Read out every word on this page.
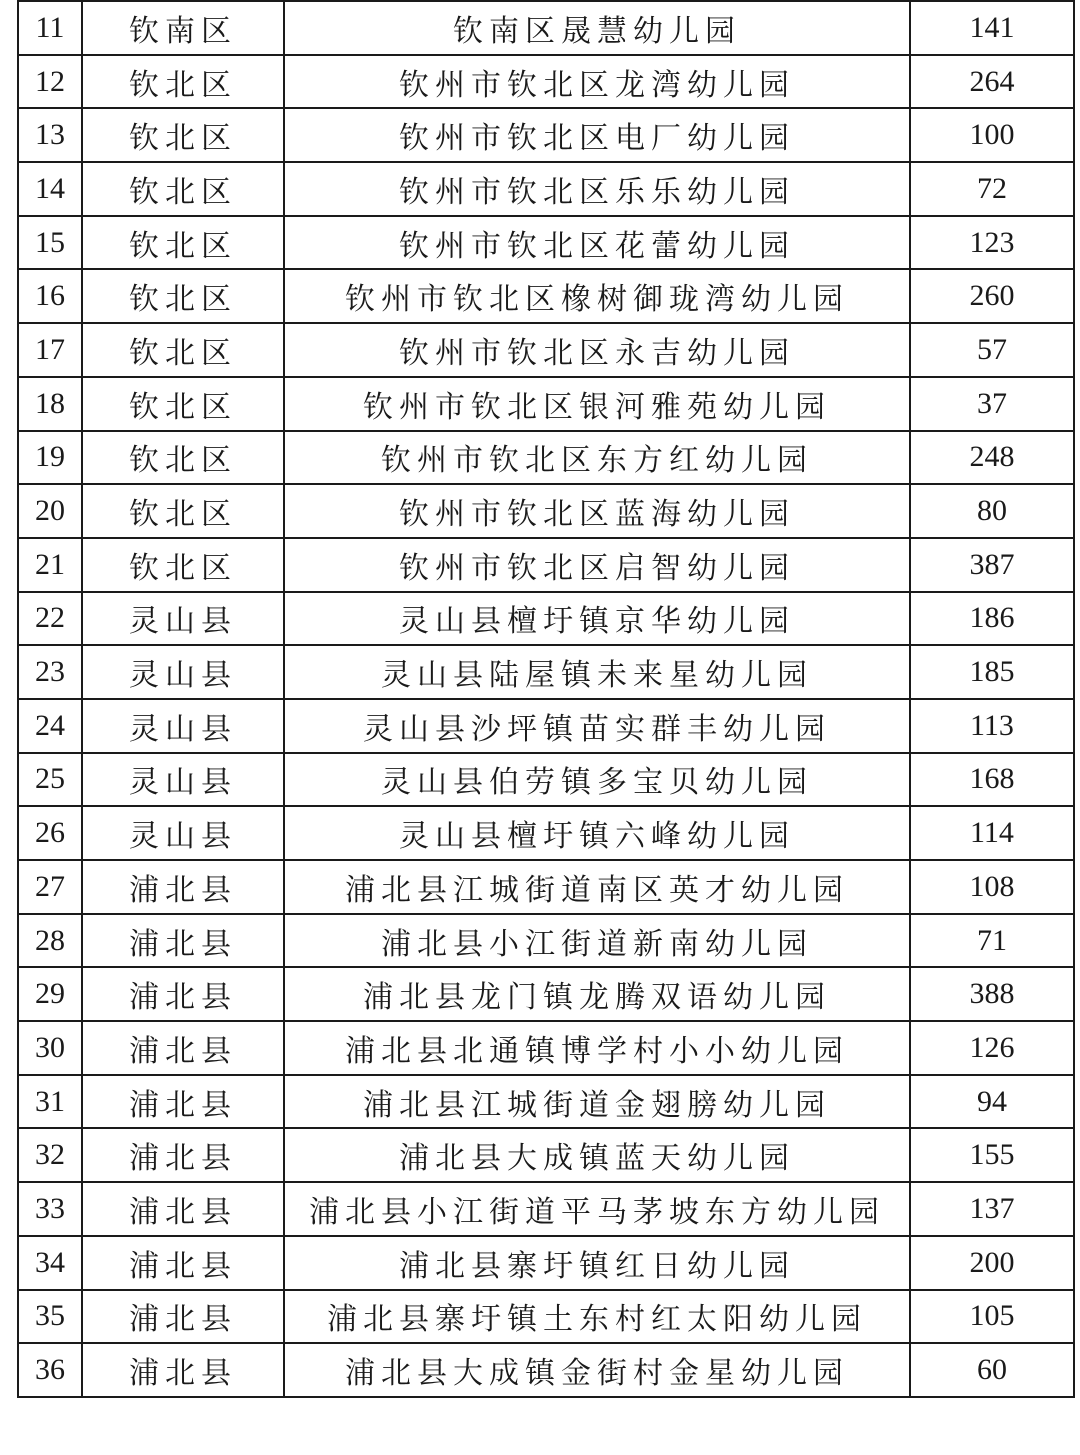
11	钦南区	钦南区晟慧幼儿园	141
12	钦北区	钦州市钦北区龙湾幼儿园	264
13	钦北区	钦州市钦北区电厂幼儿园	100
14	钦北区	钦州市钦北区乐乐幼儿园	72
15	钦北区	钦州市钦北区花蕾幼儿园	123
16	钦北区	钦州市钦北区橡树御珑湾幼儿园	260
17	钦北区	钦州市钦北区永吉幼儿园	57
18	钦北区	钦州市钦北区银河雅苑幼儿园	37
19	钦北区	钦州市钦北区东方红幼儿园	248
20	钦北区	钦州市钦北区蓝海幼儿园	80
21	钦北区	钦州市钦北区启智幼儿园	387
22	灵山县	灵山县檀圩镇京华幼儿园	186
23	灵山县	灵山县陆屋镇未来星幼儿园	185
24	灵山县	灵山县沙坪镇苗实群丰幼儿园	113
25	灵山县	灵山县伯劳镇多宝贝幼儿园	168
26	灵山县	灵山县檀圩镇六峰幼儿园	114
27	浦北县	浦北县江城街道南区英才幼儿园	108
28	浦北县	浦北县小江街道新南幼儿园	71
29	浦北县	浦北县龙门镇龙腾双语幼儿园	388
30	浦北县	浦北县北通镇博学村小小幼儿园	126
31	浦北县	浦北县江城街道金翅膀幼儿园	94
32	浦北县	浦北县大成镇蓝天幼儿园	155
33	浦北县	浦北县小江街道平马茅坡东方幼儿园	137
34	浦北县	浦北县寨圩镇红日幼儿园	200
35	浦北县	浦北县寨圩镇土东村红太阳幼儿园	105
36	浦北县	浦北县大成镇金街村金星幼儿园	60
